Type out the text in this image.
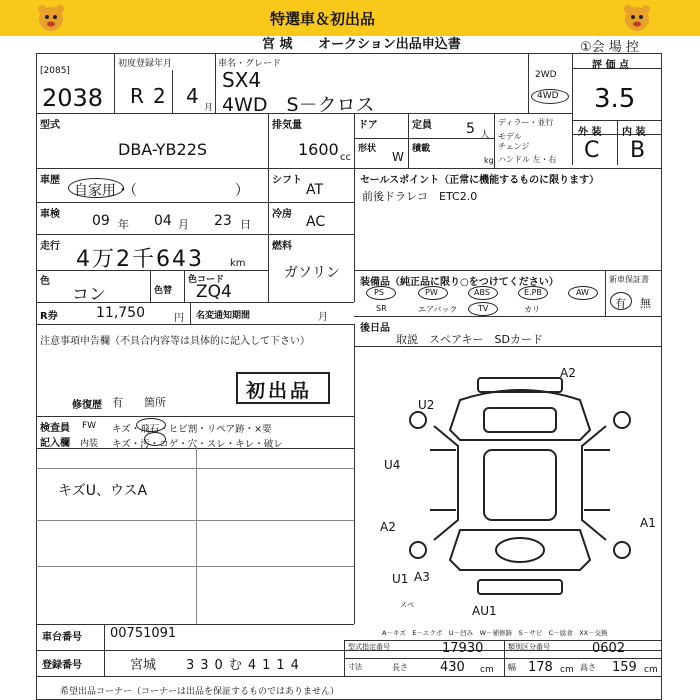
特選車＆初出品
宮 城 オークション出品申込書	①会 場 控
[2085]
2038
初度登録年月
R 2 4 月
車名・グレード
SX4
4WD　S－クロス
2WD
4WD
評 価 点
3.5
外 装 内 装
C B
型式
DBA-YB22S
排気量
1600 cc
ドア	定員 5 人
形状
W
積載
kg
ディラー・並行
モデル
チェンジ
ハンドル 左・右
車歴
自家用・（　　　　　　　）
シフト
AT
車検 09 年 04 月 23 日
冷房 AC
走行
4万2千643	km
燃料
ガソリン
色
コン	色替
色コード
ZQ4
R券	11,750	円 名変通知期間	月
セールスポイント（正常に機能するものに限ります）
前後ドラレコ　ETC2.0
装備品（純正品に限り○をつけてください）	新車保証書
有 無
PS	PW	ABS	E.PB	AW
SR	TV
エアバック	カリ
後日品
取説　スペアキー　SDカード
注意事項申告欄（不具合内容等は具体的に記入して下さい）
修復歴 有 箇所
初出品
検査員
記入欄
FW
内装
キズ・飛石・ヒビ割・リペア跡・×要
キズ・汚・コゲ・穴・スレ・キレ・破レ
キズU、ウスA
A2
U2
U4
A2	A1
U1 A3
AU1
スペ
A－キズ　E－エクボ　U－凹み　W－補修跡　S－サビ　C－腐食　XX－交換
車台番号 00751091
登録番号	宮城 330む4114
型式指定番号	17930	類別区分番号	0602
寸法	長さ 430 cm 幅 178 cm 高さ 159 cm
希望出品コーナー（コーナーは出品を保証するものではありません）
